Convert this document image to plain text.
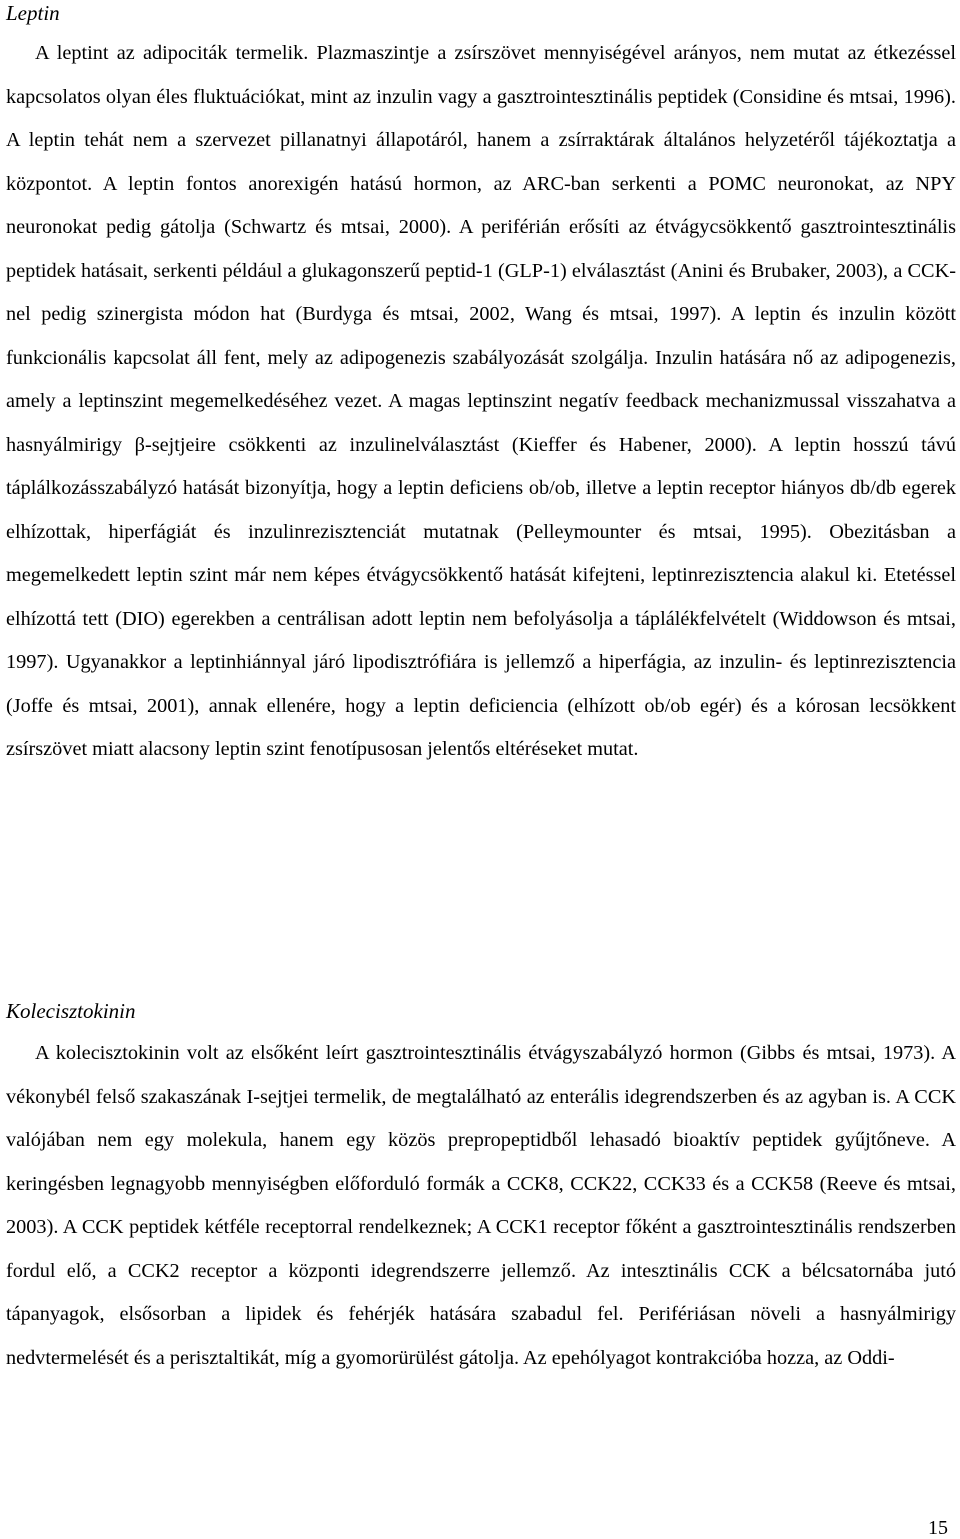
Leptin

A leptint az adipociták termelik. Plazmaszintje a zsírszövet mennyiségével arányos, nem mutat az étkezéssel kapcsolatos olyan éles fluktuációkat, mint az inzulin vagy a gasztrointesztinális peptidek (Considine és mtsai, 1996). A leptin tehát nem a szervezet pillanatnyi állapotáról, hanem a zsírraktárak általános helyzetéről tájékoztatja a központot. A leptin fontos anorexigén hatású hormon, az ARC-ban serkenti a POMC neuronokat, az NPY neuronokat pedig gátolja (Schwartz és mtsai, 2000). A periférián erősíti az étvágycsökkentő gasztrointesztinális peptidek hatásait, serkenti például a glukagonszerű peptid-1 (GLP-1) elválasztást (Anini és Brubaker, 2003), a CCK-nel pedig szinergista módon hat (Burdyga és mtsai, 2002, Wang és mtsai, 1997). A leptin és inzulin között funkcionális kapcsolat áll fent, mely az adipogenezis szabályozását szolgálja. Inzulin hatására nő az adipogenezis, amely a leptinszint megemelkedéséhez vezet. A magas leptinszint negatív feedback mechanizmussal visszahatva a hasnyálmirigy β-sejtjeire csökkenti az inzulinelválasztást (Kieffer és Habener, 2000). A leptin hosszú távú táplálkozásszabályzó hatását bizonyítja, hogy a leptin deficiens ob/ob, illetve a leptin receptor hiányos db/db egerek elhízottak, hiperfágiát és inzulinrezisztenciát mutatnak (Pelleymounter és mtsai, 1995). Obezitásban a megemelkedett leptin szint már nem képes étvágycsökkentő hatását kifejteni, leptinrezisztencia alakul ki. Etetéssel elhízottá tett (DIO) egerekben a centrálisan adott leptin nem befolyásolja a táplálékfelvételt (Widdowson és mtsai, 1997). Ugyanakkor a leptinhiánnyal járó lipodisztrófiára is jellemző a hiperfágia, az inzulin- és leptinrezisztencia (Joffe és mtsai, 2001), annak ellenére, hogy a leptin deficiencia (elhízott ob/ob egér) és a kórosan lecsökkent zsírszövet miatt alacsony leptin szint fenotípusosan jelentős eltéréseket mutat.

Kolecisztokinin

A kolecisztokinin volt az elsőként leírt gasztrointesztinális étvágyszabályzó hormon (Gibbs és mtsai, 1973). A vékonybél felső szakaszának I-sejtjei termelik, de megtalálható az enterális idegrendszerben és az agyban is. A CCK valójában nem egy molekula, hanem egy közös prepropeptidből lehasadó bioaktív peptidek gyűjtőneve. A keringésben legnagyobb mennyiségben előforduló formák a CCK8, CCK22, CCK33 és a CCK58 (Reeve és mtsai, 2003). A CCK peptidek kétféle receptorral rendelkeznek; A CCK1 receptor főként a gasztrointesztinális rendszerben fordul elő, a CCK2 receptor a központi idegrendszerre jellemző. Az intesztinális CCK a bélcsatornába jutó tápanyagok, elsősorban a lipidek és fehérjék hatására szabadul fel. Perifériásan növeli a hasnyálmirigy nedvtermelését és a perisztaltikát, míg a gyomorürülést gátolja. Az epehólyagot kontrakcióba hozza, az Oddi-

15
